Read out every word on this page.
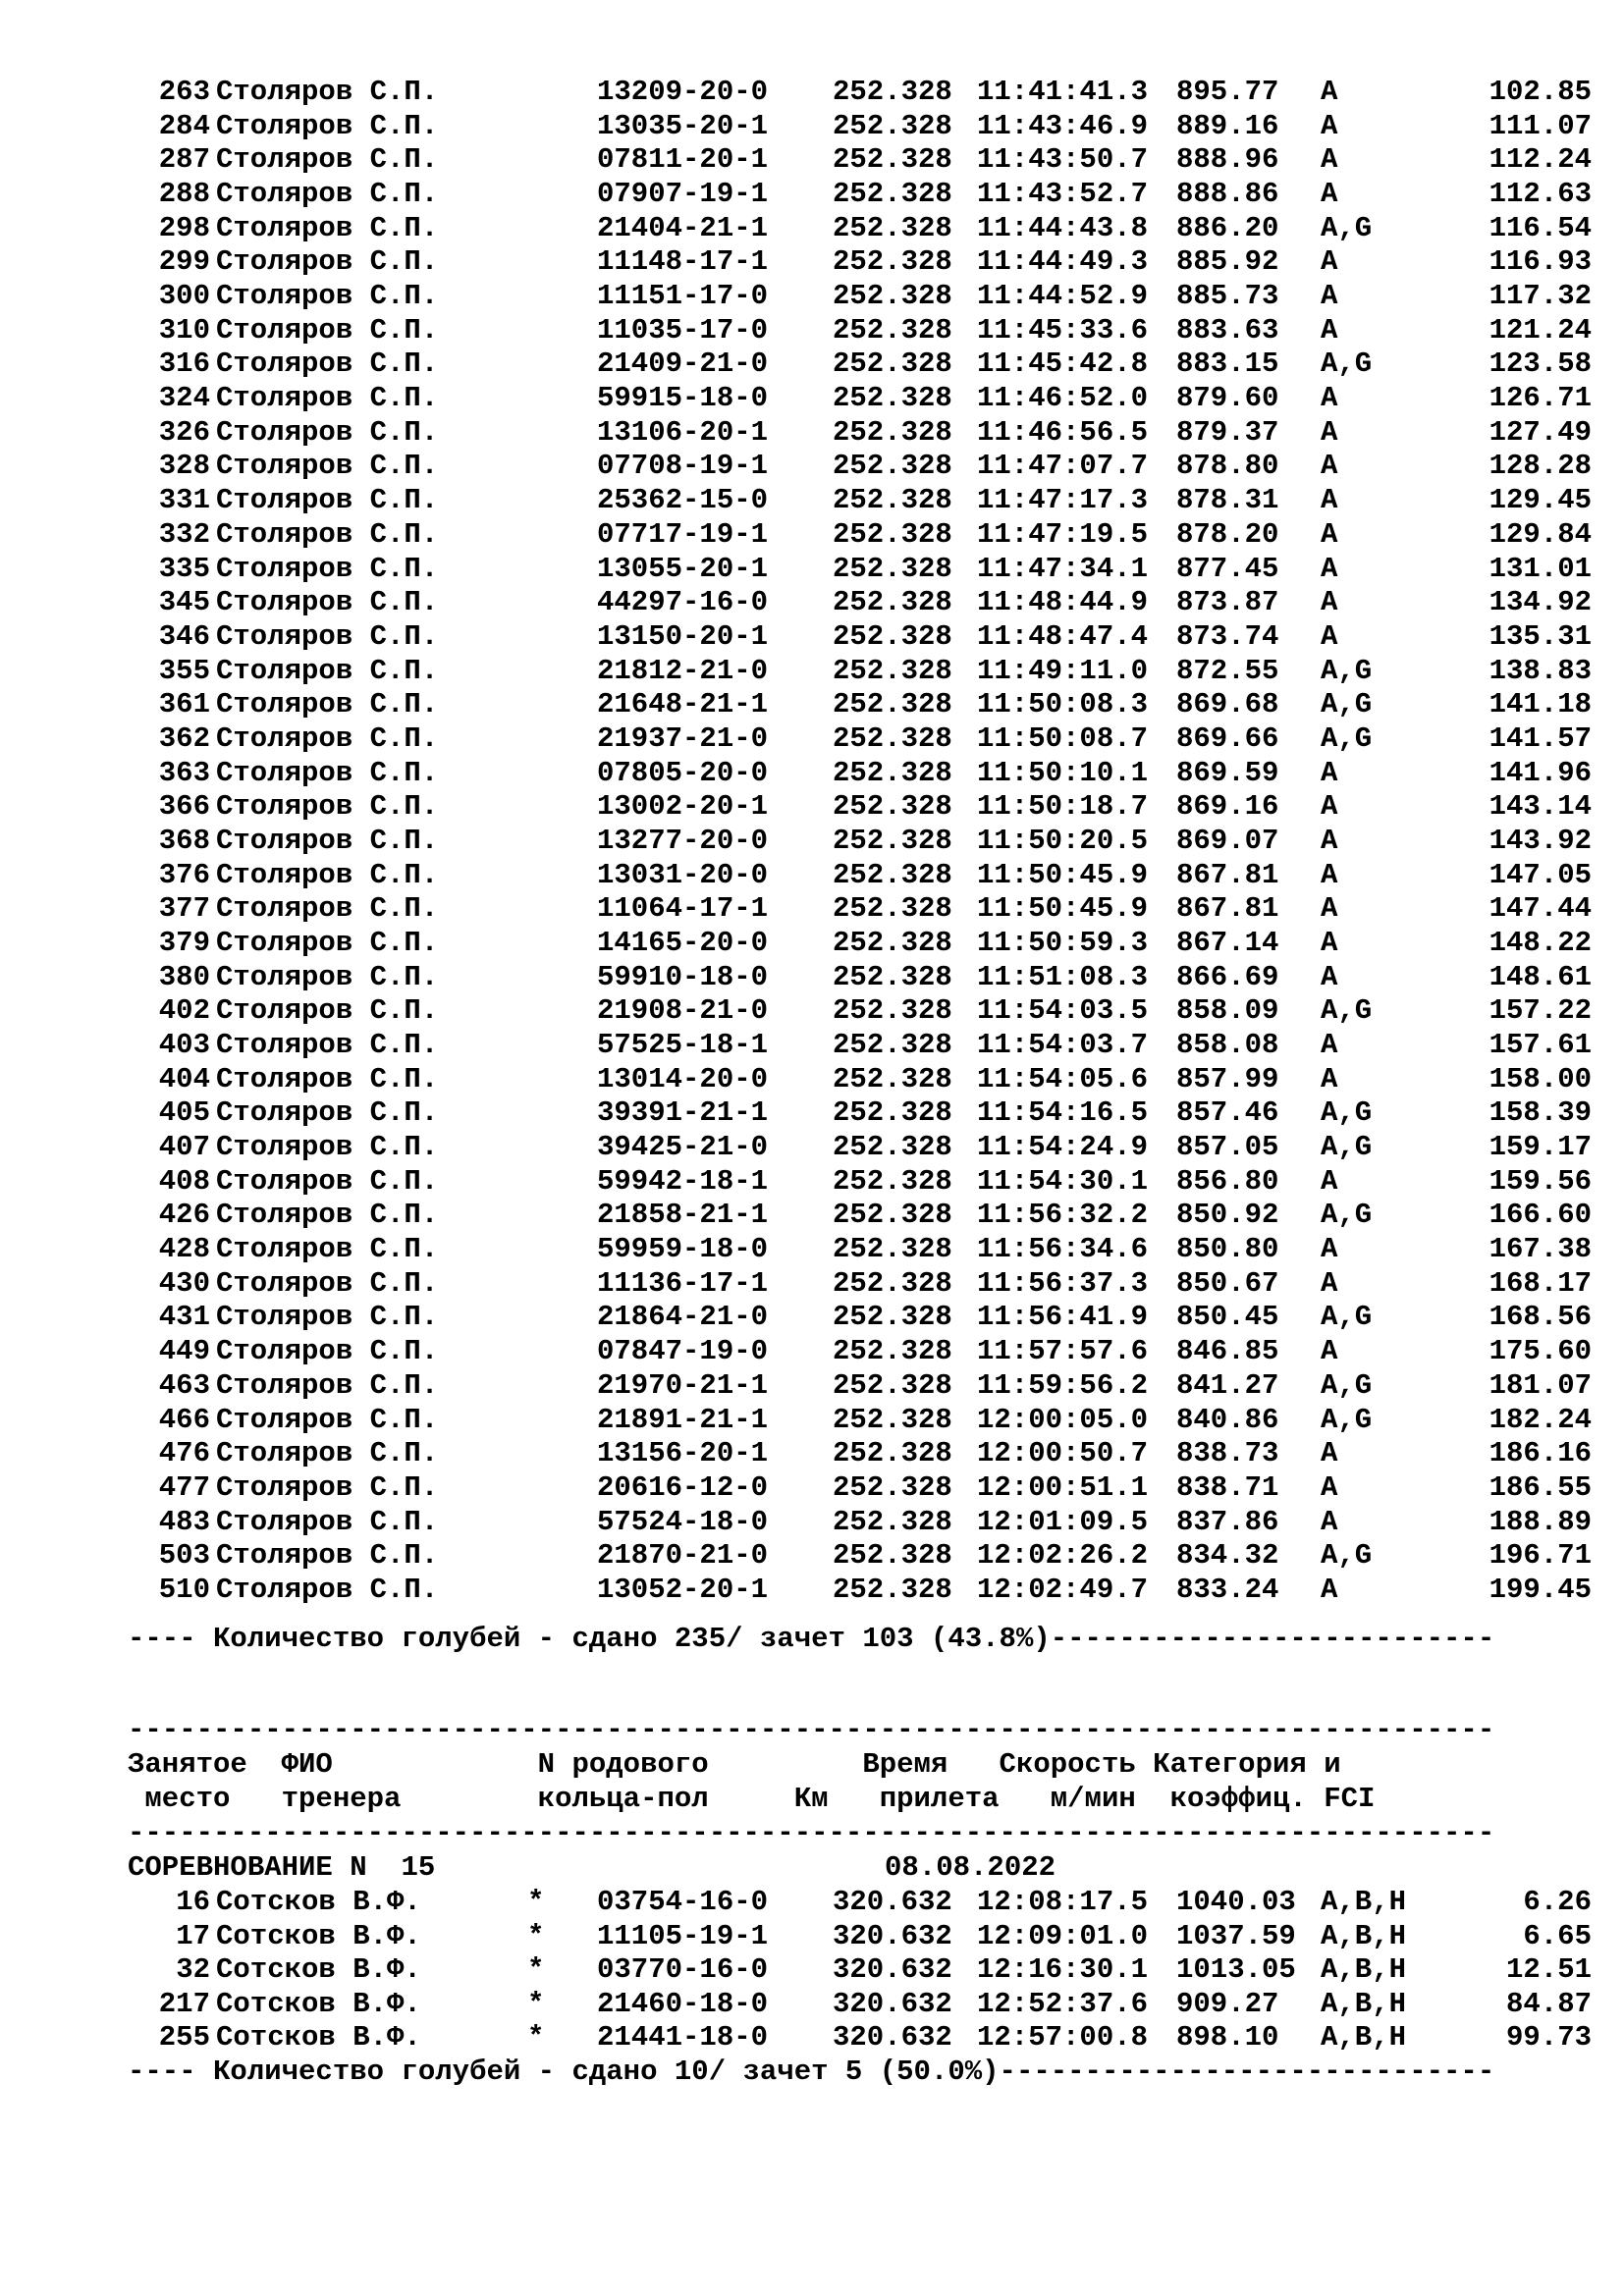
263 Столяров С.П.	13209-20-0 252.328 11:41:41.3 895.77 A	102.85
284 Столяров С.П.	13035-20-1 252.328 11:43:46.9 889.16 A	111.07
287 Столяров С.П.	07811-20-1 252.328 11:43:50.7 888.96 A	112.24
288 Столяров С.П.	07907-19-1 252.328 11:43:52.7 888.86 A	112.63
298 Столяров С.П.	21404-21-1 252.328 11:44:43.8 886.20 A,G	116.54
299 Столяров С.П.	11148-17-1 252.328 11:44:49.3 885.92 A	116.93
300 Столяров С.П.	11151-17-0 252.328 11:44:52.9 885.73 A	117.32
310 Столяров С.П.	11035-17-0 252.328 11:45:33.6 883.63 A	121.24
316 Столяров С.П.	21409-21-0 252.328 11:45:42.8 883.15 A,G	123.58
324 Столяров С.П.	59915-18-0 252.328 11:46:52.0 879.60 A	126.71
326 Столяров С.П.	13106-20-1 252.328 11:46:56.5 879.37 A	127.49
328 Столяров С.П.	07708-19-1 252.328 11:47:07.7 878.80 A	128.28
331 Столяров С.П.	25362-15-0 252.328 11:47:17.3 878.31 A	129.45
332 Столяров С.П.	07717-19-1 252.328 11:47:19.5 878.20 A	129.84
335 Столяров С.П.	13055-20-1 252.328 11:47:34.1 877.45 A	131.01
345 Столяров С.П.	44297-16-0 252.328 11:48:44.9 873.87 A	134.92
346 Столяров С.П.	13150-20-1 252.328 11:48:47.4 873.74 A	135.31
355 Столяров С.П.	21812-21-0 252.328 11:49:11.0 872.55 A,G	138.83
361 Столяров С.П.	21648-21-1 252.328 11:50:08.3 869.68 A,G	141.18
362 Столяров С.П.	21937-21-0 252.328 11:50:08.7 869.66 A,G	141.57
363 Столяров С.П.	07805-20-0 252.328 11:50:10.1 869.59 A	141.96
366 Столяров С.П.	13002-20-1 252.328 11:50:18.7 869.16 A	143.14
368 Столяров С.П.	13277-20-0 252.328 11:50:20.5 869.07 A	143.92
376 Столяров С.П.	13031-20-0 252.328 11:50:45.9 867.81 A	147.05
377 Столяров С.П.	11064-17-1 252.328 11:50:45.9 867.81 A	147.44
379 Столяров С.П.	14165-20-0 252.328 11:50:59.3 867.14 A	148.22
380 Столяров С.П.	59910-18-0 252.328 11:51:08.3 866.69 A	148.61
402 Столяров С.П.	21908-21-0 252.328 11:54:03.5 858.09 A,G	157.22
403 Столяров С.П.	57525-18-1 252.328 11:54:03.7 858.08 A	157.61
404 Столяров С.П.	13014-20-0 252.328 11:54:05.6 857.99 A	158.00
405 Столяров С.П.	39391-21-1 252.328 11:54:16.5 857.46 A,G	158.39
407 Столяров С.П.	39425-21-0 252.328 11:54:24.9 857.05 A,G	159.17
408 Столяров С.П.	59942-18-1 252.328 11:54:30.1 856.80 A	159.56
426 Столяров С.П.	21858-21-1 252.328 11:56:32.2 850.92 A,G	166.60
428 Столяров С.П.	59959-18-0 252.328 11:56:34.6 850.80 A	167.38
430 Столяров С.П.	11136-17-1 252.328 11:56:37.3 850.67 A	168.17
431 Столяров С.П.	21864-21-0 252.328 11:56:41.9 850.45 A,G	168.56
449 Столяров С.П.	07847-19-0 252.328 11:57:57.6 846.85 A	175.60
463 Столяров С.П.	21970-21-1 252.328 11:59:56.2 841.27 A,G	181.07
466 Столяров С.П.	21891-21-1 252.328 12:00:05.0 840.86 A,G	182.24
476 Столяров С.П.	13156-20-1 252.328 12:00:50.7 838.73 A	186.16
477 Столяров С.П.	20616-12-0 252.328 12:00:51.1 838.71 A	186.55
483 Столяров С.П.	57524-18-0 252.328 12:01:09.5 837.86 A	188.89
503 Столяров С.П.	21870-21-0 252.328 12:02:26.2 834.32 A,G	196.71
510 Столяров С.П.	13052-20-1 252.328 12:02:49.7 833.24 A	199.45

---- Количество голубей - сдано 235/ зачет 103 (43.8%)--------------------------

--------------------------------------------------------------------------------

Занятое  ФИО            N родового         Время   Скорость Категория и

место   тренера        кольца-пол     Км   прилета   м/мин  коэффиц. FCI

--------------------------------------------------------------------------------

СОРЕВНОВАНИЕ N  15

	08.08.2022

16 Сотсков В.Ф.	* 03754-16-0 320.632 12:08:17.5 1040.03 A,B,H	6.26
17 Сотсков В.Ф.	* 11105-19-1 320.632 12:09:01.0 1037.59 A,B,H	6.65
32 Сотсков В.Ф.	* 03770-16-0 320.632 12:16:30.1 1013.05 A,B,H	12.51
217 Сотсков В.Ф.	* 21460-18-0 320.632 12:52:37.6 909.27 A,B,H	84.87
255 Сотсков В.Ф.	* 21441-18-0 320.632 12:57:00.8 898.10 A,B,H	99.73

---- Количество голубей - сдано 10/ зачет 5 (50.0%)-----------------------------
